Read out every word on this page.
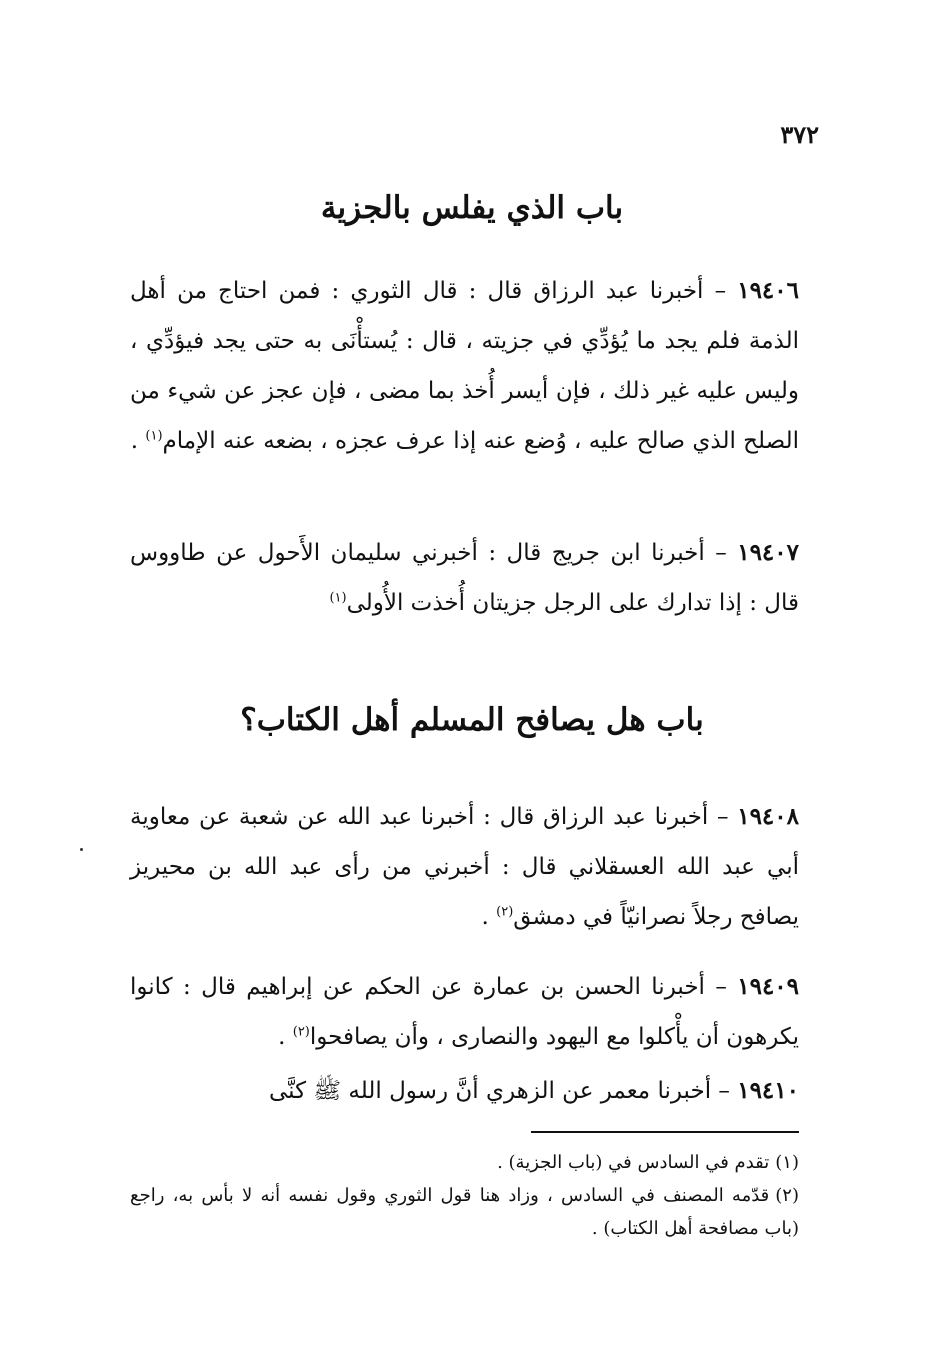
٣٧٢
باب الذي يفلس بالجزية

١٩٤٠٦ – أخبرنا عبد الرزاق قال : قال الثوري : فمن احتاج من أهل الذمة فلم يجد ما يُؤدِّي في جزيته ، قال : يُستأْنَى به حتى يجد فيؤدِّي ، وليس عليه غير ذلك ، فإن أيسر أُخذ بما مضى ، فإن عجز عن شيء من الصلح الذي صالح عليه ، وُضع عنه إذا عرف عجزه ، بضعه عنه الإمام$^{(١)}$ .

١٩٤٠٧ – أخبرنا ابن جريج قال : أخبرني سليمان الأَحول عن طاووس قال : إذا تدارك على الرجل جزيتان أُخذت الأُولى$^{(١)}$

باب هل يصافح المسلم أهل الكتاب؟

١٩٤٠٨ – أخبرنا عبد الرزاق قال : أخبرنا عبد الله عن شعبة عن معاوية أبي عبد الله العسقلاني قال : أخبرني من رأى عبد الله بن محيريز يصافح رجلاً نصرانيّاً في دمشق$^{(٢)}$ .

١٩٤٠٩ – أخبرنا الحسن بن عمارة عن الحكم عن إبراهيم قال : كانوا يكرهون أن يأْكلوا مع اليهود والنصارى ، وأن يصافحوا$^{(٢)}$ .

١٩٤١٠ – أخبرنا معمر عن الزهري أنَّ رسول الله ﷺ كنَّى

(١)تقدم في السادس في (باب الجزية) .
(٢)قدّمه المصنف في السادس ، وزاد هنا قول الثوري وقول نفسه أنه لا بأس به، راجع (باب مصافحة أهل الكتاب) .
